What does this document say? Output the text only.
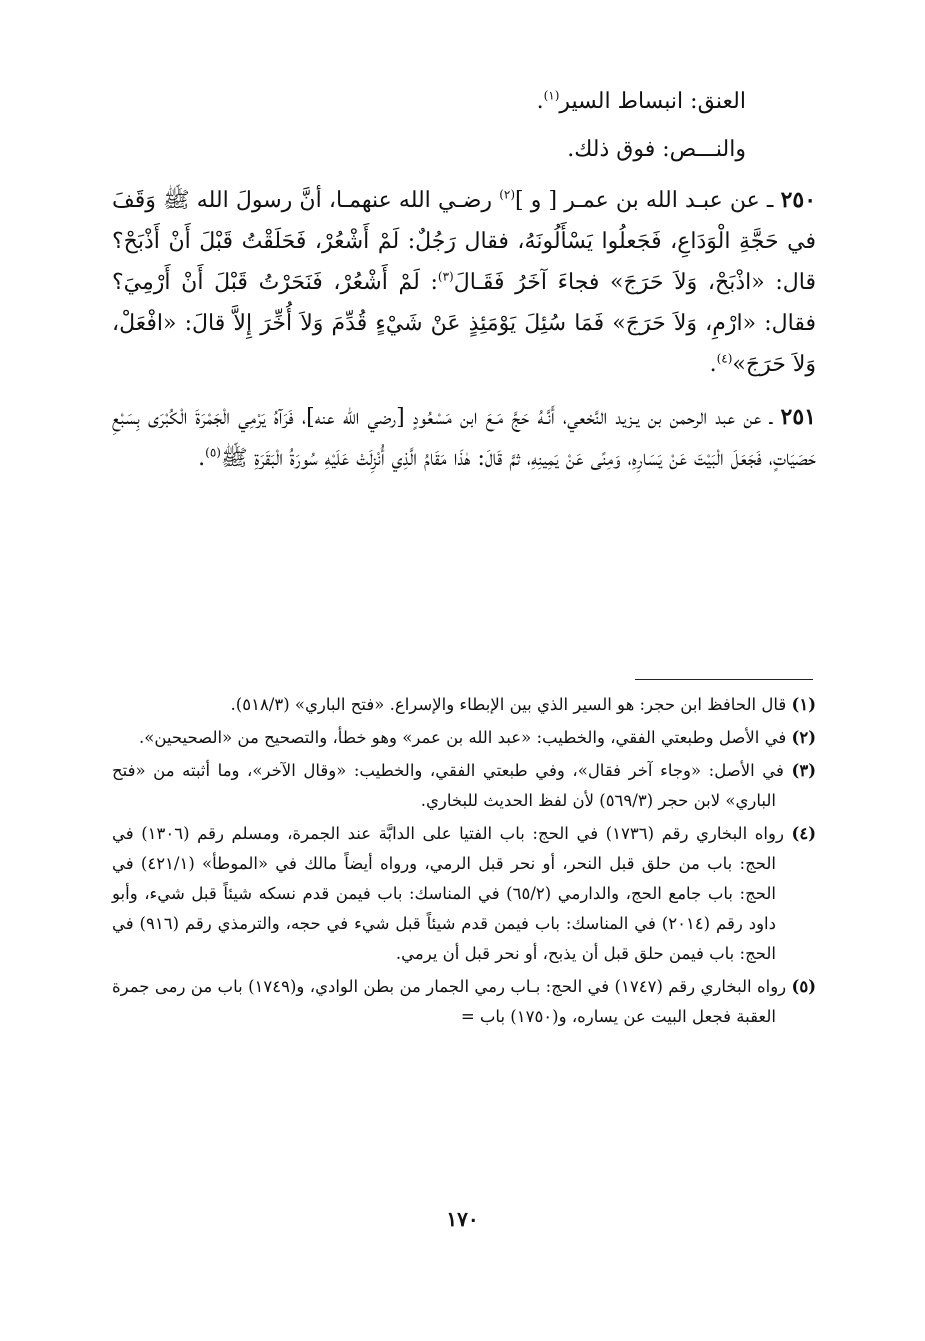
العنق: انبساط السير$^{(١)}$.

والنـــص: فوق ذلك.

٢٥٠ ـ عن عبـد الله بن عمـر [ و ]$^{(٢)}$ رضـي الله عنهمـا، أنَّ رسولَ الله ﷺ وَقَفَ في حَجَّةِ الْوَدَاعِ، فَجَعلُوا يَسْأَلُونَهُ، فقال رَجُلٌ: لَمْ أَشْعُرْ، فَحَلَقْتُ قَبْلَ أَنْ أَذْبَحْ؟ قال: «اذْبَحْ، وَلاَ حَرَجَ» فجاءَ آخَرُ فَقَـالَ$^{(٣)}$: لَمْ أَشْعُرْ، فَنَحَرْتُ قَبْلَ أَنْ أَرْمِيَ؟ فقال: «ارْمِ، وَلاَ حَرَجَ» فَمَا سُئِلَ يَوْمَئِذٍ عَنْ شَيْءٍ قُدِّمَ وَلاَ أُخِّرَ إِلاَّ قالَ: «افْعَلْ، وَلاَ حَرَجَ»$^{(٤)}$.

٢٥١ ـ عن عبد الرحمن بن يـزيد النَّخعي، أَنَّـهُ حَجَّ مَـعَ ابن مَسْعُودٍ [رضي الله عنه]، فَرَآهُ يَرْمِي الْجَمْرَةَ الْكُبْرَى بِسَبْعِ حَصَيَاتٍ، فَجَعَلَ الْبَيْتَ عَنْ يَسَارِهِ، وَمِنًى عَنْ يَمِينِهِ، ثمَّ قَالَ: هٰذَا مَقَامُ الَّذِي أُنْزِلَتْ عَلَيْهِ سُورَةُ الْبَقَرَةِ ﷺ$^{(٥)}$.

(١) قال الحافظ ابن حجر: هو السير الذي بين الإبطاء والإسراع. «فتح الباري» (٥١٨/٣).

(٢) في الأصل وطبعتي الفقي، والخطيب: «عبد الله بن عمر» وهو خطأ، والتصحيح من «الصحيحين».

(٣) في الأصل: «وجاء آخر فقال»، وفي طبعتي الفقي، والخطيب: «وقال الآخر»، وما أثبته من «فتح الباري» لابن حجر (٥٦٩/٣) لأن لفظ الحديث للبخاري.

(٤) رواه البخاري رقم (١٧٣٦) في الحج: باب الفتيا على الدابَّة عند الجمرة، ومسلم رقم (١٣٠٦) في الحج: باب من حلق قبل النحر، أو نحر قبل الرمي، ورواه أيضاً مالك في «الموطأ» (٤٢١/١) في الحج: باب جامع الحج، والدارمي (٦٥/٢) في المناسك: باب فيمن قدم نسكه شيئاً قبل شيء، وأبو داود رقم (٢٠١٤) في المناسك: باب فيمن قدم شيئاً قبل شيء في حجه، والترمذي رقم (٩١٦) في الحج: باب فيمن حلق قبل أن يذبح، أو نحر قبل أن يرمي.

(٥) رواه البخاري رقم (١٧٤٧) في الحج: بـاب رمي الجمار من بطن الوادي، و(١٧٤٩) باب من رمى جمرة العقبة فجعل البيت عن يساره، و(١٧٥٠) باب =

١٧٠
